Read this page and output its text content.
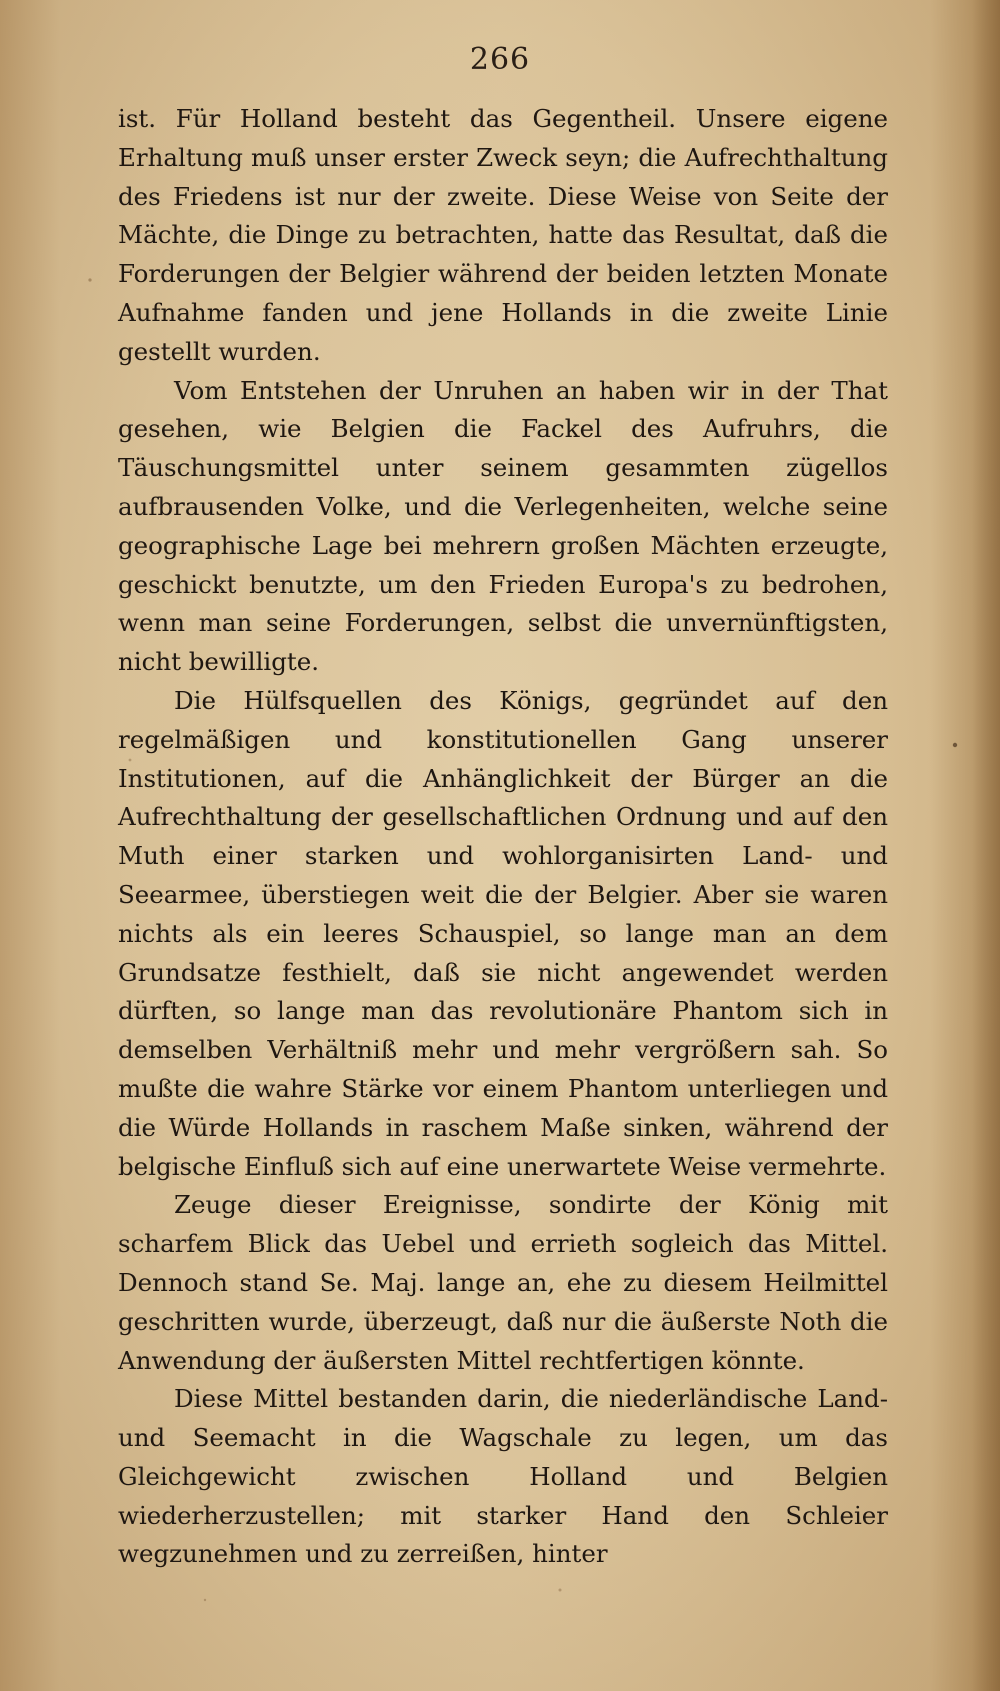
266

ist. Für Holland besteht das Gegentheil. Unsere eigene Erhaltung muß unser erster Zweck seyn; die Aufrechthaltung des Friedens ist nur der zweite. Diese Weise von Seite der Mächte, die Dinge zu betrachten, hatte das Resultat, daß die Forderungen der Belgier während der beiden letzten Monate Aufnahme fanden und jene Hollands in die zweite Linie gestellt wurden.

Vom Entstehen der Unruhen an haben wir in der That gesehen, wie Belgien die Fackel des Aufruhrs, die Täuschungsmittel unter seinem gesammten zügellos aufbrausenden Volke, und die Verlegenheiten, welche seine geographische Lage bei mehrern großen Mächten erzeugte, geschickt benutzte, um den Frieden Europa's zu bedrohen, wenn man seine Forderungen, selbst die unvernünftigsten, nicht bewilligte.

Die Hülfsquellen des Königs, gegründet auf den regelmäßigen und konstitutionellen Gang unserer Institutionen, auf die Anhänglichkeit der Bürger an die Aufrechthaltung der gesellschaftlichen Ordnung und auf den Muth einer starken und wohlorganisirten Land- und Seearmee, überstiegen weit die der Belgier. Aber sie waren nichts als ein leeres Schauspiel, so lange man an dem Grundsatze festhielt, daß sie nicht angewendet werden dürften, so lange man das revolutionäre Phantom sich in demselben Verhältniß mehr und mehr vergrößern sah. So mußte die wahre Stärke vor einem Phantom unterliegen und die Würde Hollands in raschem Maße sinken, während der belgische Einfluß sich auf eine unerwartete Weise vermehrte.

Zeuge dieser Ereignisse, sondirte der König mit scharfem Blick das Uebel und errieth sogleich das Mittel. Dennoch stand Se. Maj. lange an, ehe zu diesem Heilmittel geschritten wurde, überzeugt, daß nur die äußerste Noth die Anwendung der äußersten Mittel rechtfertigen könnte.

Diese Mittel bestanden darin, die niederländische Land- und Seemacht in die Wagschale zu legen, um das Gleichgewicht zwischen Holland und Belgien wiederherzustellen; mit starker Hand den Schleier wegzunehmen und zu zerreißen, hinter
